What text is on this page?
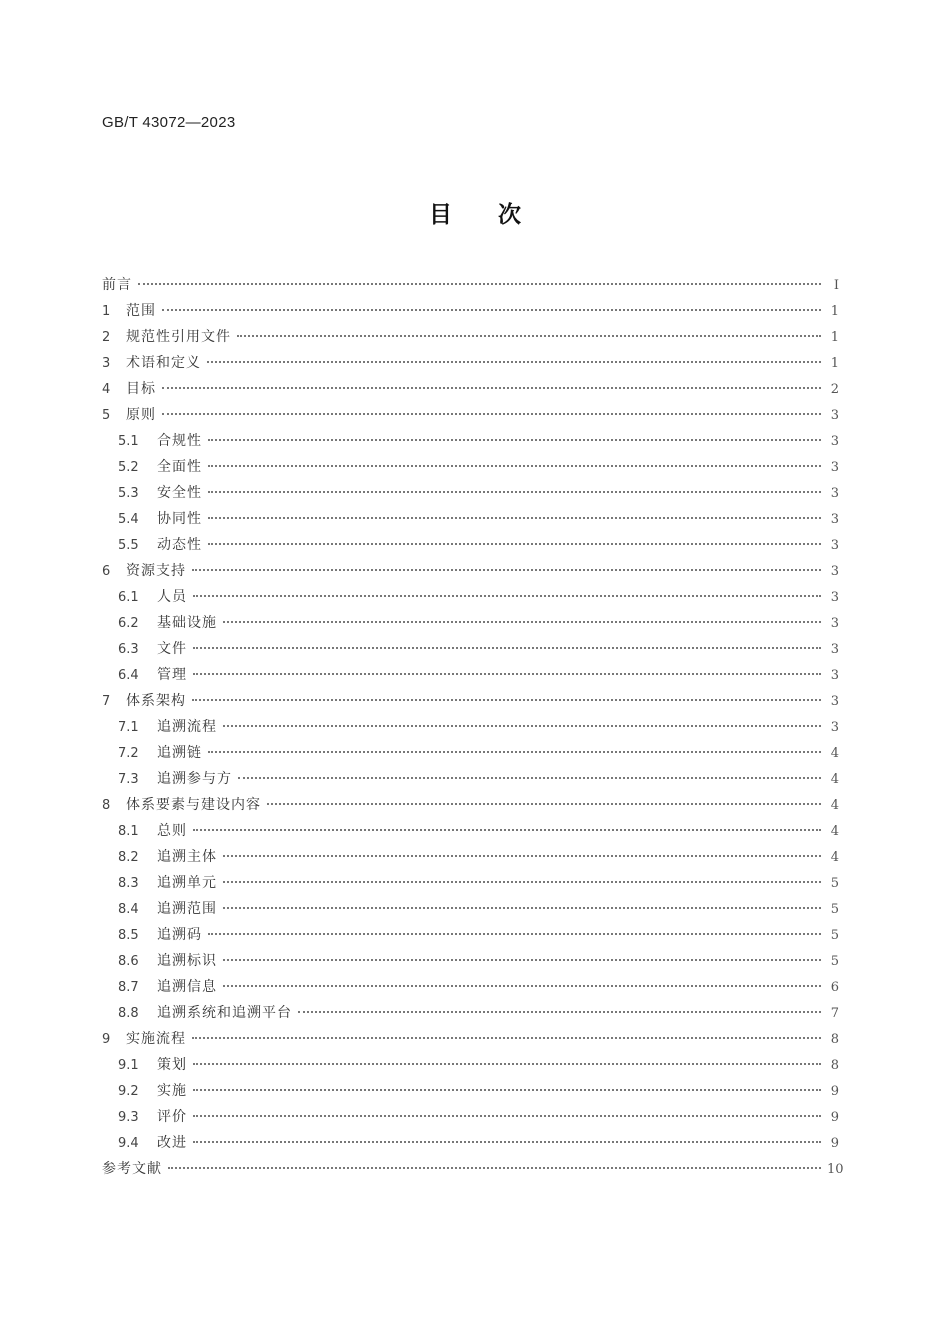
GB/T 43072—2023
目次
前言	Ⅰ
1	范围	1
2	规范性引用文件	1
3	术语和定义	1
4	目标	2
5	原则	3
5.1	合规性	3
5.2	全面性	3
5.3	安全性	3
5.4	协同性	3
5.5	动态性	3
6	资源支持	3
6.1	人员	3
6.2	基础设施	3
6.3	文件	3
6.4	管理	3
7	体系架构	3
7.1	追溯流程	3
7.2	追溯链	4
7.3	追溯参与方	4
8	体系要素与建设内容	4
8.1	总则	4
8.2	追溯主体	4
8.3	追溯单元	5
8.4	追溯范围	5
8.5	追溯码	5
8.6	追溯标识	5
8.7	追溯信息	6
8.8	追溯系统和追溯平台	7
9	实施流程	8
9.1	策划	8
9.2	实施	9
9.3	评价	9
9.4	改进	9
参考文献	10
